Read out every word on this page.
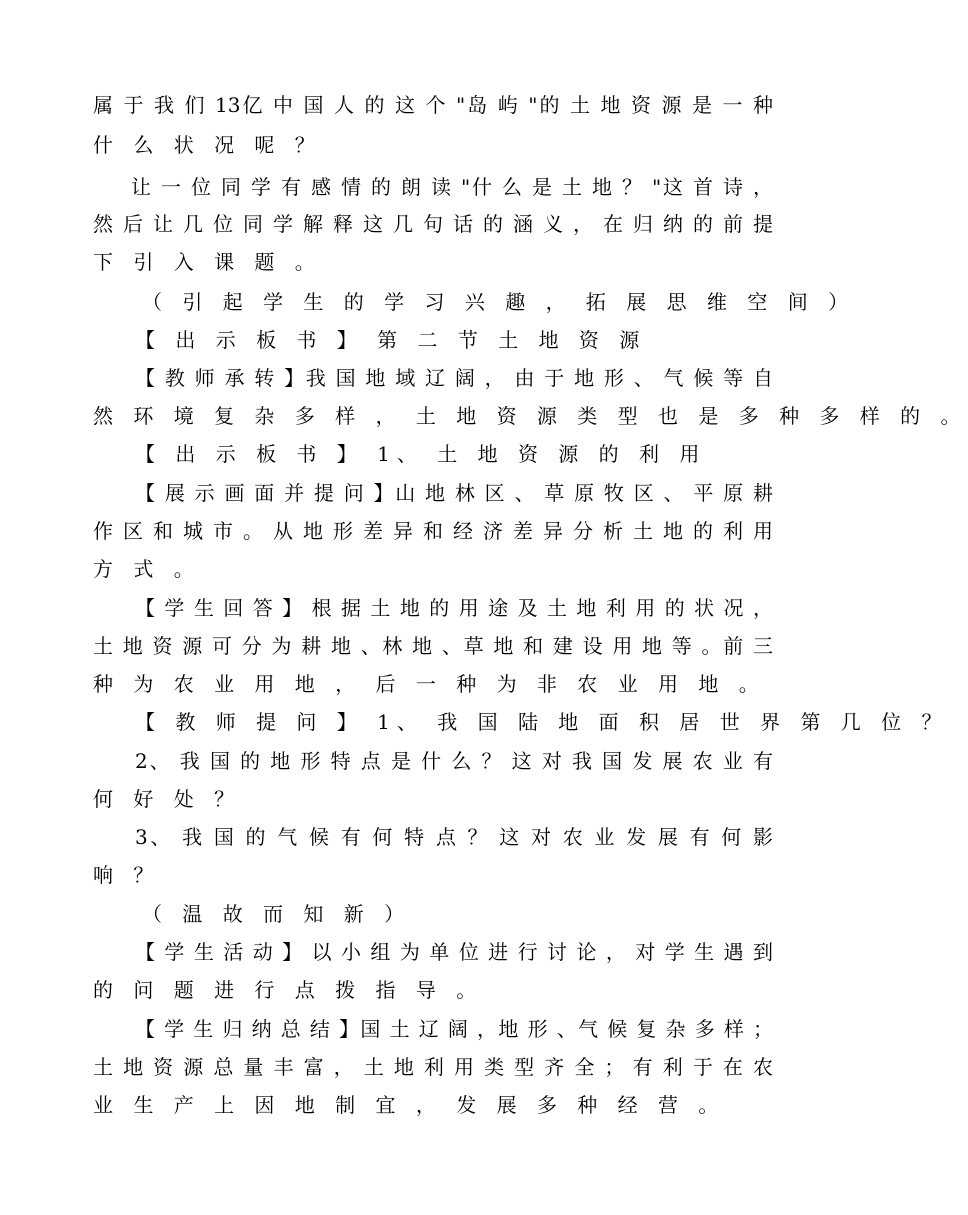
属 于 我 们 13亿 中 国 人 的 这 个 "岛 屿 "的 土 地 资 源 是 一 种
什 么 状 况 呢 ？
让 一 位 同 学 有 感 情 的 朗 读 "什 么 是 土 地 ？ "这 首 诗 ，
然 后 让 几 位 同 学 解 释 这 几 句 话 的 涵 义 ， 在 归 纳 的 前 提
下 引 入 课 题 。
（ 引 起 学 生 的 学 习 兴 趣 ， 拓 展 思 维 空 间 ）
【 出 示 板 书 】 第 二 节 土 地 资 源
【 教 师 承 转 】我 国 地 域 辽 阔 ， 由 于 地 形 、 气 候 等 自
然 环 境 复 杂 多 样 ， 土 地 资 源 类 型 也 是 多 种 多 样 的 。
【 出 示 板 书 】 1、 土 地 资 源 的 利 用
【 展 示 画 面 并 提 问 】山 地 林 区 、 草 原 牧 区 、 平 原 耕
作 区 和 城 市 。 从 地 形 差 异 和 经 济 差 异 分 析 土 地 的 利 用
方 式 。
【 学 生 回 答 】 根 据 土 地 的 用 途 及 土 地 利 用 的 状 况 ，
土 地 资 源 可 分 为 耕 地 、林 地 、草 地 和 建 设 用 地 等 。前 三
种 为 农 业 用 地 ， 后 一 种 为 非 农 业 用 地 。
【 教 师 提 问 】 1、 我 国 陆 地 面 积 居 世 界 第 几 位 ？
2、 我 国 的 地 形 特 点 是 什 么 ？ 这 对 我 国 发 展 农 业 有
何 好 处 ？
3、 我 国 的 气 候 有 何 特 点 ？ 这 对 农 业 发 展 有 何 影
响 ？
（ 温 故 而 知 新 ）
【 学 生 活 动 】 以 小 组 为 单 位 进 行 讨 论 ， 对 学 生 遇 到
的 问 题 进 行 点 拨 指 导 。
【 学 生 归 纳 总 结 】国 土 辽 阔 ，地 形 、气 候 复 杂 多 样 ；
土 地 资 源 总 量 丰 富 ， 土 地 利 用 类 型 齐 全 ； 有 利 于 在 农
业 生 产 上 因 地 制 宜 ， 发 展 多 种 经 营 。
